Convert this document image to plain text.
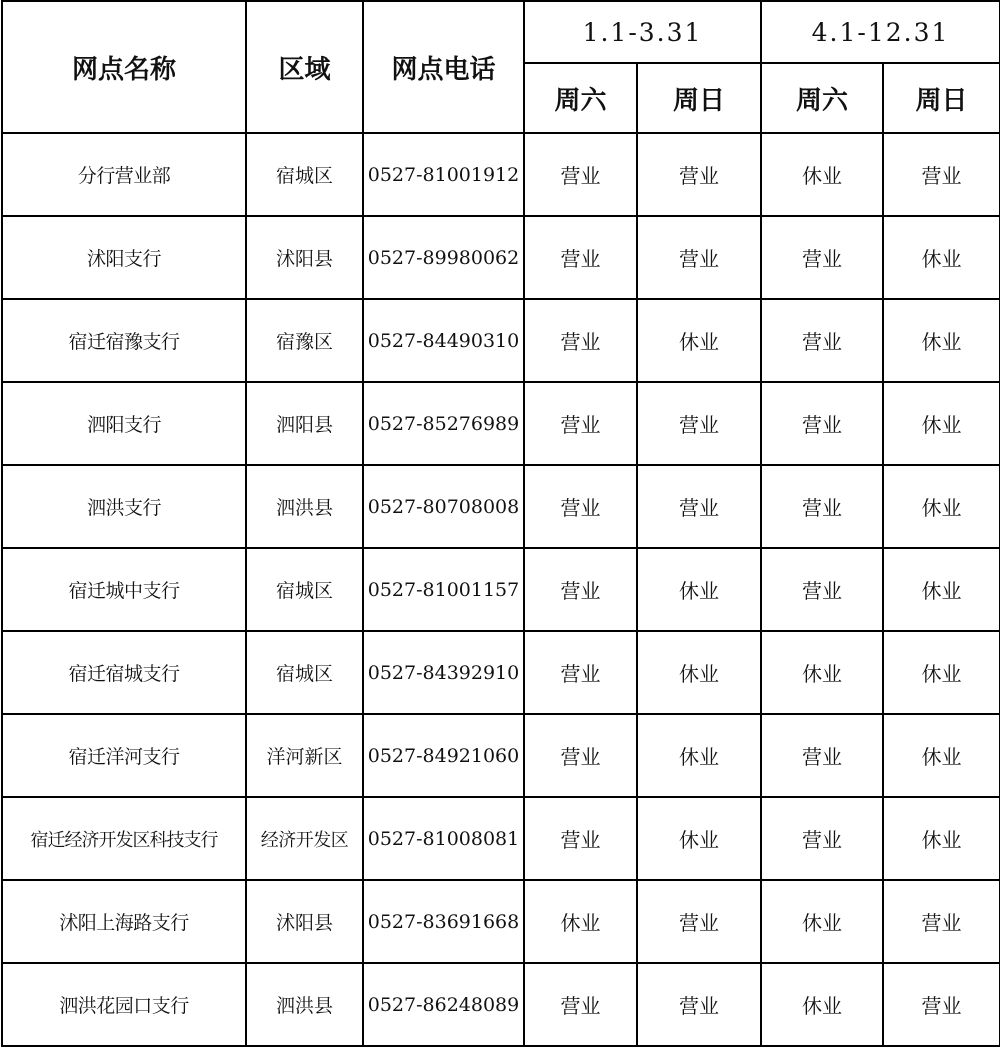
网点名称	区域	网点电话	1.1-3.31		4.1-12.31	
			周六	周日	周六	周日
分行营业部	宿城区	0527-81001912	营业	营业	休业	营业
沭阳支行	沭阳县	0527-89980062	营业	营业	营业	休业
宿迁宿豫支行	宿豫区	0527-84490310	营业	休业	营业	休业
泗阳支行	泗阳县	0527-85276989	营业	营业	营业	休业
泗洪支行	泗洪县	0527-80708008	营业	营业	营业	休业
宿迁城中支行	宿城区	0527-81001157	营业	休业	营业	休业
宿迁宿城支行	宿城区	0527-84392910	营业	休业	休业	休业
宿迁洋河支行	洋河新区	0527-84921060	营业	休业	营业	休业
宿迁经济开发区科技支行	经济开发区	0527-81008081	营业	休业	营业	休业
沭阳上海路支行	沭阳县	0527-83691668	休业	营业	休业	营业
泗洪花园口支行	泗洪县	0527-86248089	营业	营业	休业	营业
